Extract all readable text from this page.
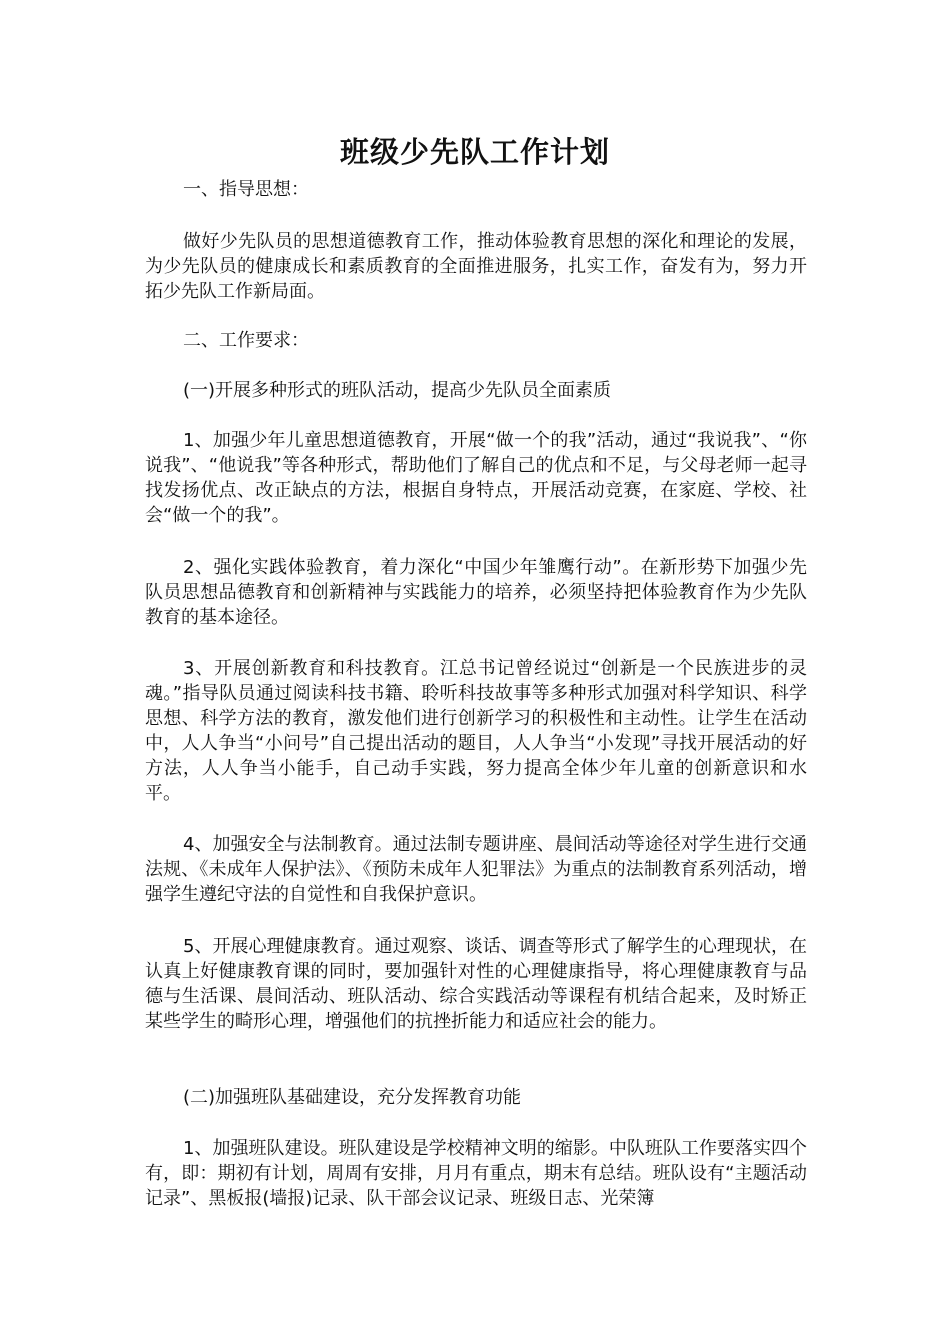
班级少先队工作计划

一、指导思想：

做好少先队员的思想道德教育工作，推动体验教育思想的深化和理论的发展，为少先队员的健康成长和素质教育的全面推进服务，扎实工作，奋发有为，努力开拓少先队工作新局面。

二、工作要求：

(一)开展多种形式的班队活动，提高少先队员全面素质

1、加强少年儿童思想道德教育，开展“做一个的我”活动，通过“我说我”、“你说我”、“他说我”等各种形式，帮助他们了解自己的优点和不足，与父母老师一起寻找发扬优点、改正缺点的方法，根据自身特点，开展活动竞赛，在家庭、学校、社会“做一个的我”。

2、强化实践体验教育，着力深化“中国少年雏鹰行动”。在新形势下加强少先队员思想品德教育和创新精神与实践能力的培养，必须坚持把体验教育作为少先队教育的基本途径。

3、开展创新教育和科技教育。江总书记曾经说过“创新是一个民族进步的灵魂。”指导队员通过阅读科技书籍、聆听科技故事等多种形式加强对科学知识、科学思想、科学方法的教育，激发他们进行创新学习的积极性和主动性。让学生在活动中，人人争当“小问号”自己提出活动的题目，人人争当“小发现”寻找开展活动的好方法，人人争当小能手，自己动手实践，努力提高全体少年儿童的创新意识和水平。

4、加强安全与法制教育。通过法制专题讲座、晨间活动等途径对学生进行交通法规、《未成年人保护法》、《预防未成年人犯罪法》为重点的法制教育系列活动，增强学生遵纪守法的自觉性和自我保护意识。

5、开展心理健康教育。通过观察、谈话、调查等形式了解学生的心理现状，在认真上好健康教育课的同时，要加强针对性的心理健康指导，将心理健康教育与品德与生活课、晨间活动、班队活动、综合实践活动等课程有机结合起来，及时矫正某些学生的畸形心理，增强他们的抗挫折能力和适应社会的能力。

(二)加强班队基础建设，充分发挥教育功能

1、加强班队建设。班队建设是学校精神文明的缩影。中队班队工作要落实四个有，即：期初有计划，周周有安排，月月有重点，期末有总结。班队设有“主题活动记录”、黑板报(墙报)记录、队干部会议记录、班级日志、光荣簿
